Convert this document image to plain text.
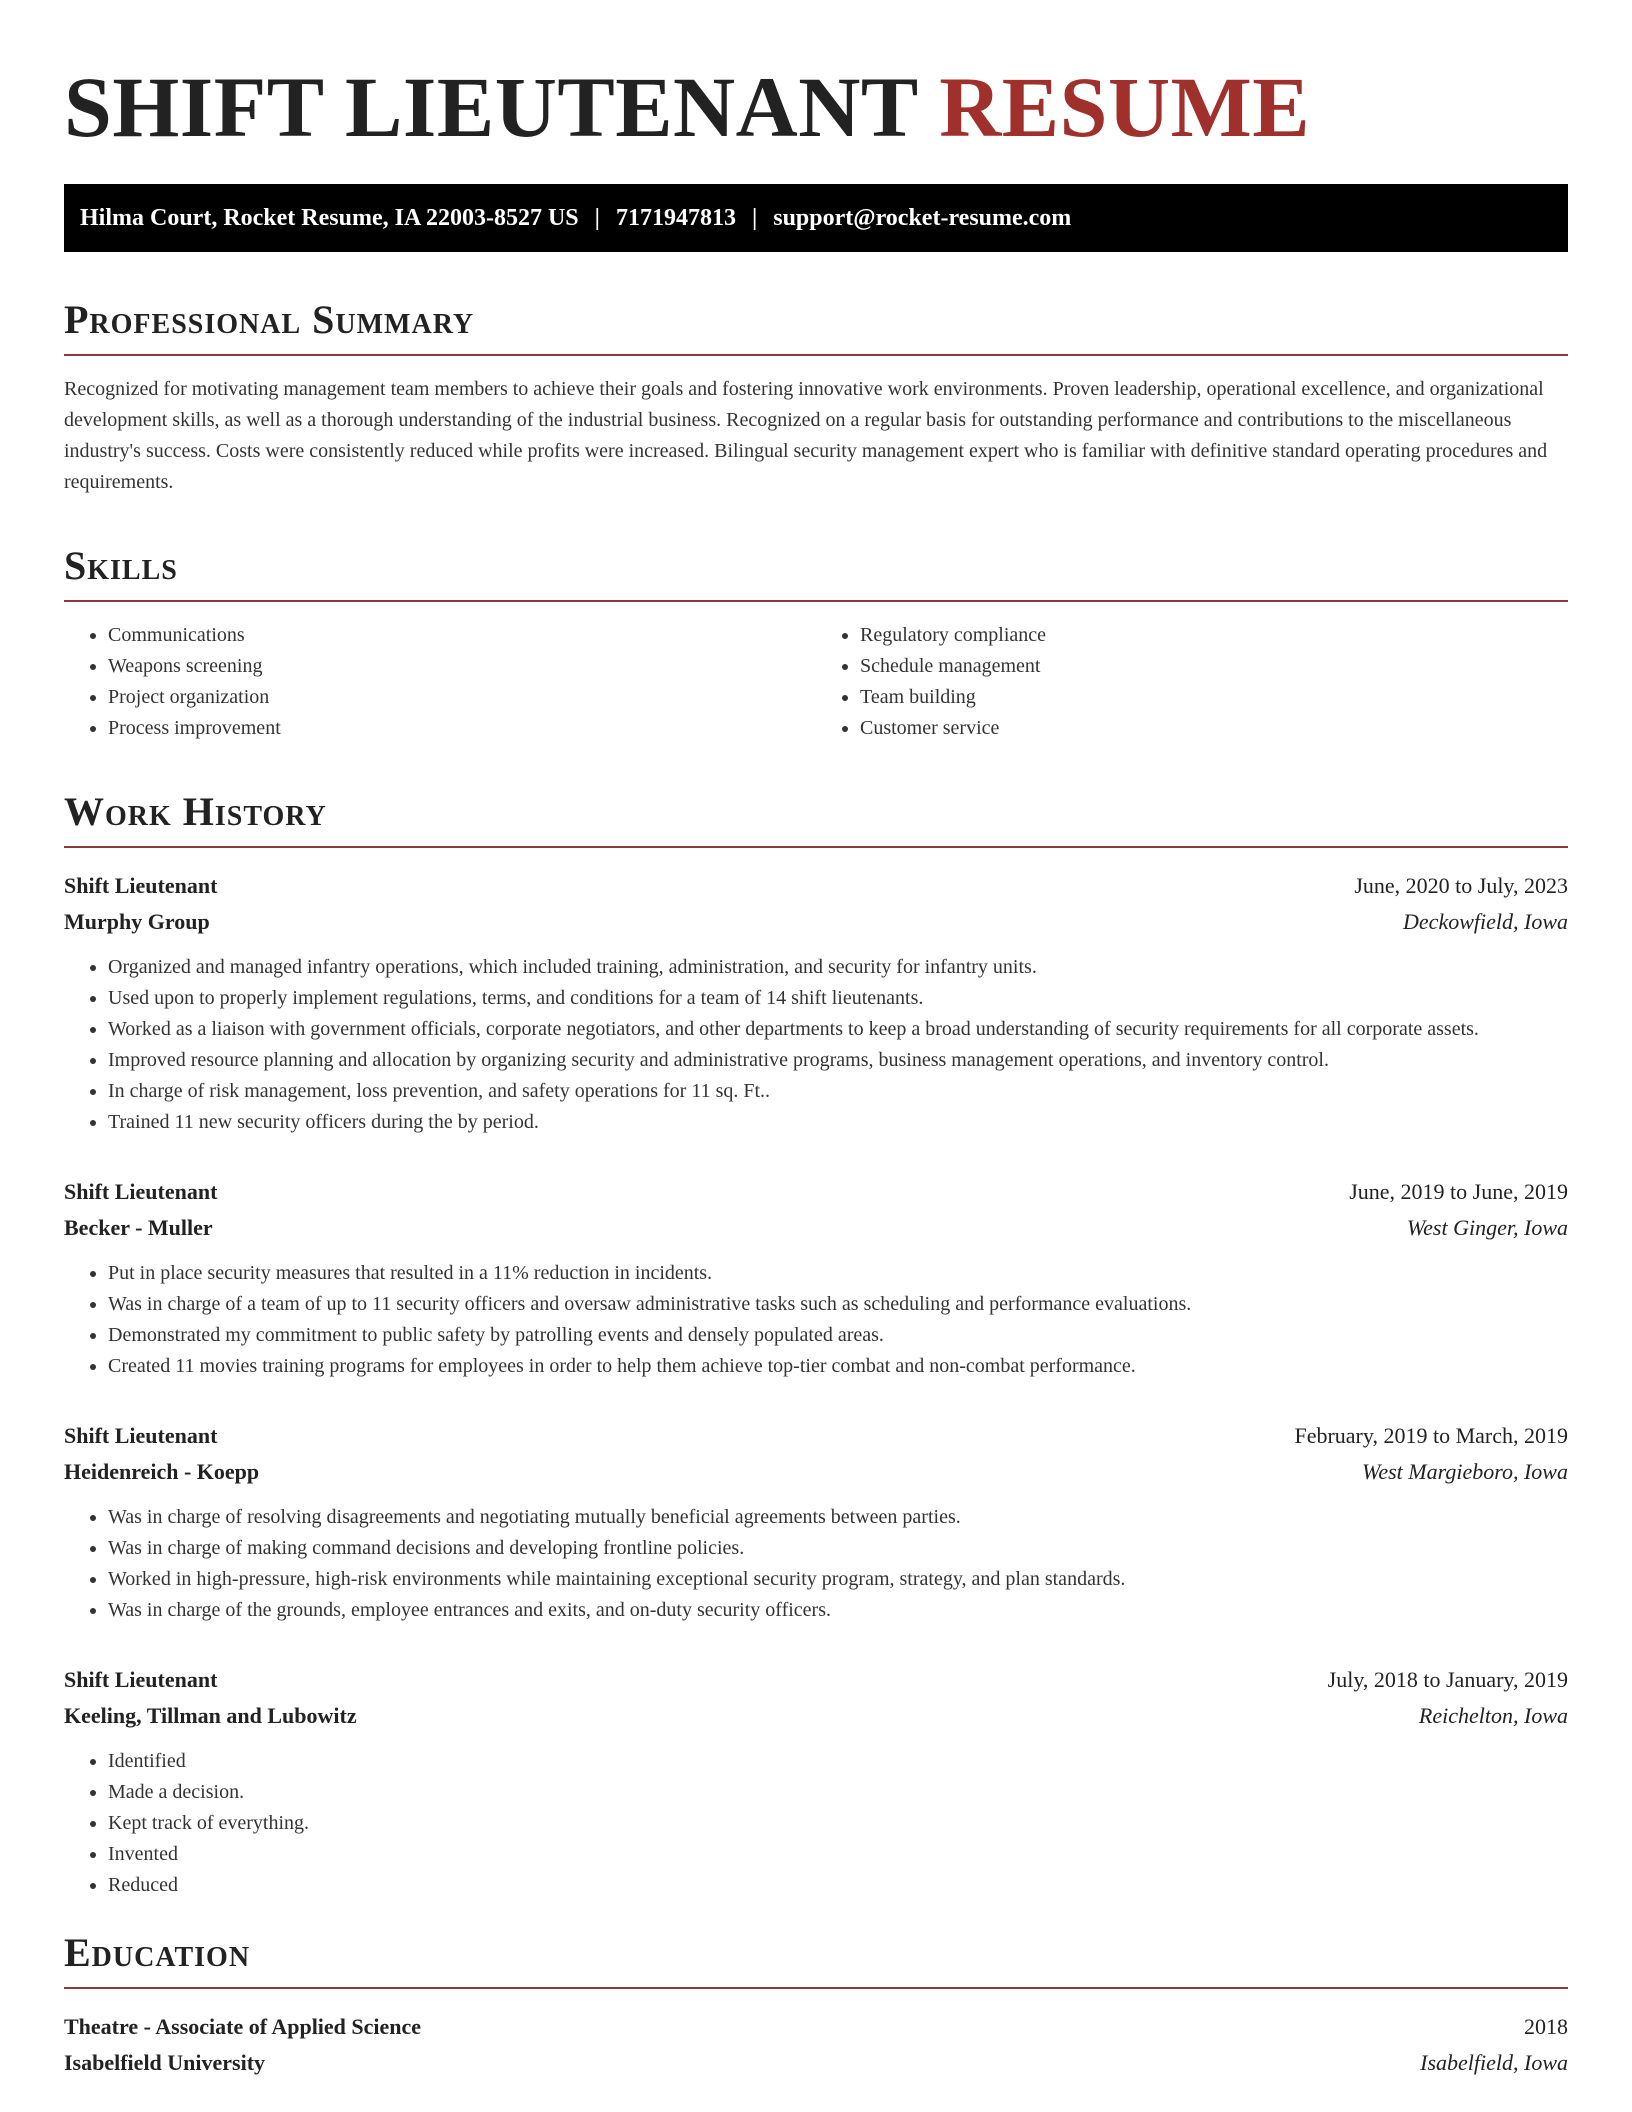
SHIFT LIEUTENANT RESUME
Hilma Court, Rocket Resume, IA 22003-8527 US | 7171947813 | support@rocket-resume.com
Professional Summary

Recognized for motivating management team members to achieve their goals and fostering innovative work environments. Proven leadership, operational excellence, and organizational development skills, as well as a thorough understanding of the industrial business. Recognized on a regular basis for outstanding performance and contributions to the miscellaneous industry's success. Costs were consistently reduced while profits were increased. Bilingual security management expert who is familiar with definitive standard operating procedures and requirements.

Skills
• Communications
• Weapons screening
• Project organization
• Process improvement
• Regulatory compliance
• Schedule management
• Team building
• Customer service
Work History
Shift Lieutenant	June, 2020 to July, 2023
Murphy Group	Deckowfield, Iowa
• Organized and managed infantry operations, which included training, administration, and security for infantry units.
• Used upon to properly implement regulations, terms, and conditions for a team of 14 shift lieutenants.
• Worked as a liaison with government officials, corporate negotiators, and other departments to keep a broad understanding of security requirements for all corporate assets.
• Improved resource planning and allocation by organizing security and administrative programs, business management operations, and inventory control.
• In charge of risk management, loss prevention, and safety operations for 11 sq. Ft..
• Trained 11 new security officers during the by period.
Shift Lieutenant	June, 2019 to June, 2019
Becker - Muller	West Ginger, Iowa
• Put in place security measures that resulted in a 11% reduction in incidents.
• Was in charge of a team of up to 11 security officers and oversaw administrative tasks such as scheduling and performance evaluations.
• Demonstrated my commitment to public safety by patrolling events and densely populated areas.
• Created 11 movies training programs for employees in order to help them achieve top-tier combat and non-combat performance.
Shift Lieutenant	February, 2019 to March, 2019
Heidenreich - Koepp	West Margieboro, Iowa
• Was in charge of resolving disagreements and negotiating mutually beneficial agreements between parties.
• Was in charge of making command decisions and developing frontline policies.
• Worked in high-pressure, high-risk environments while maintaining exceptional security program, strategy, and plan standards.
• Was in charge of the grounds, employee entrances and exits, and on-duty security officers.
Shift Lieutenant	July, 2018 to January, 2019
Keeling, Tillman and Lubowitz	Reichelton, Iowa
• Identified
• Made a decision.
• Kept track of everything.
• Invented
• Reduced
Education
Theatre - Associate of Applied Science	2018
Isabelfield University	Isabelfield, Iowa
